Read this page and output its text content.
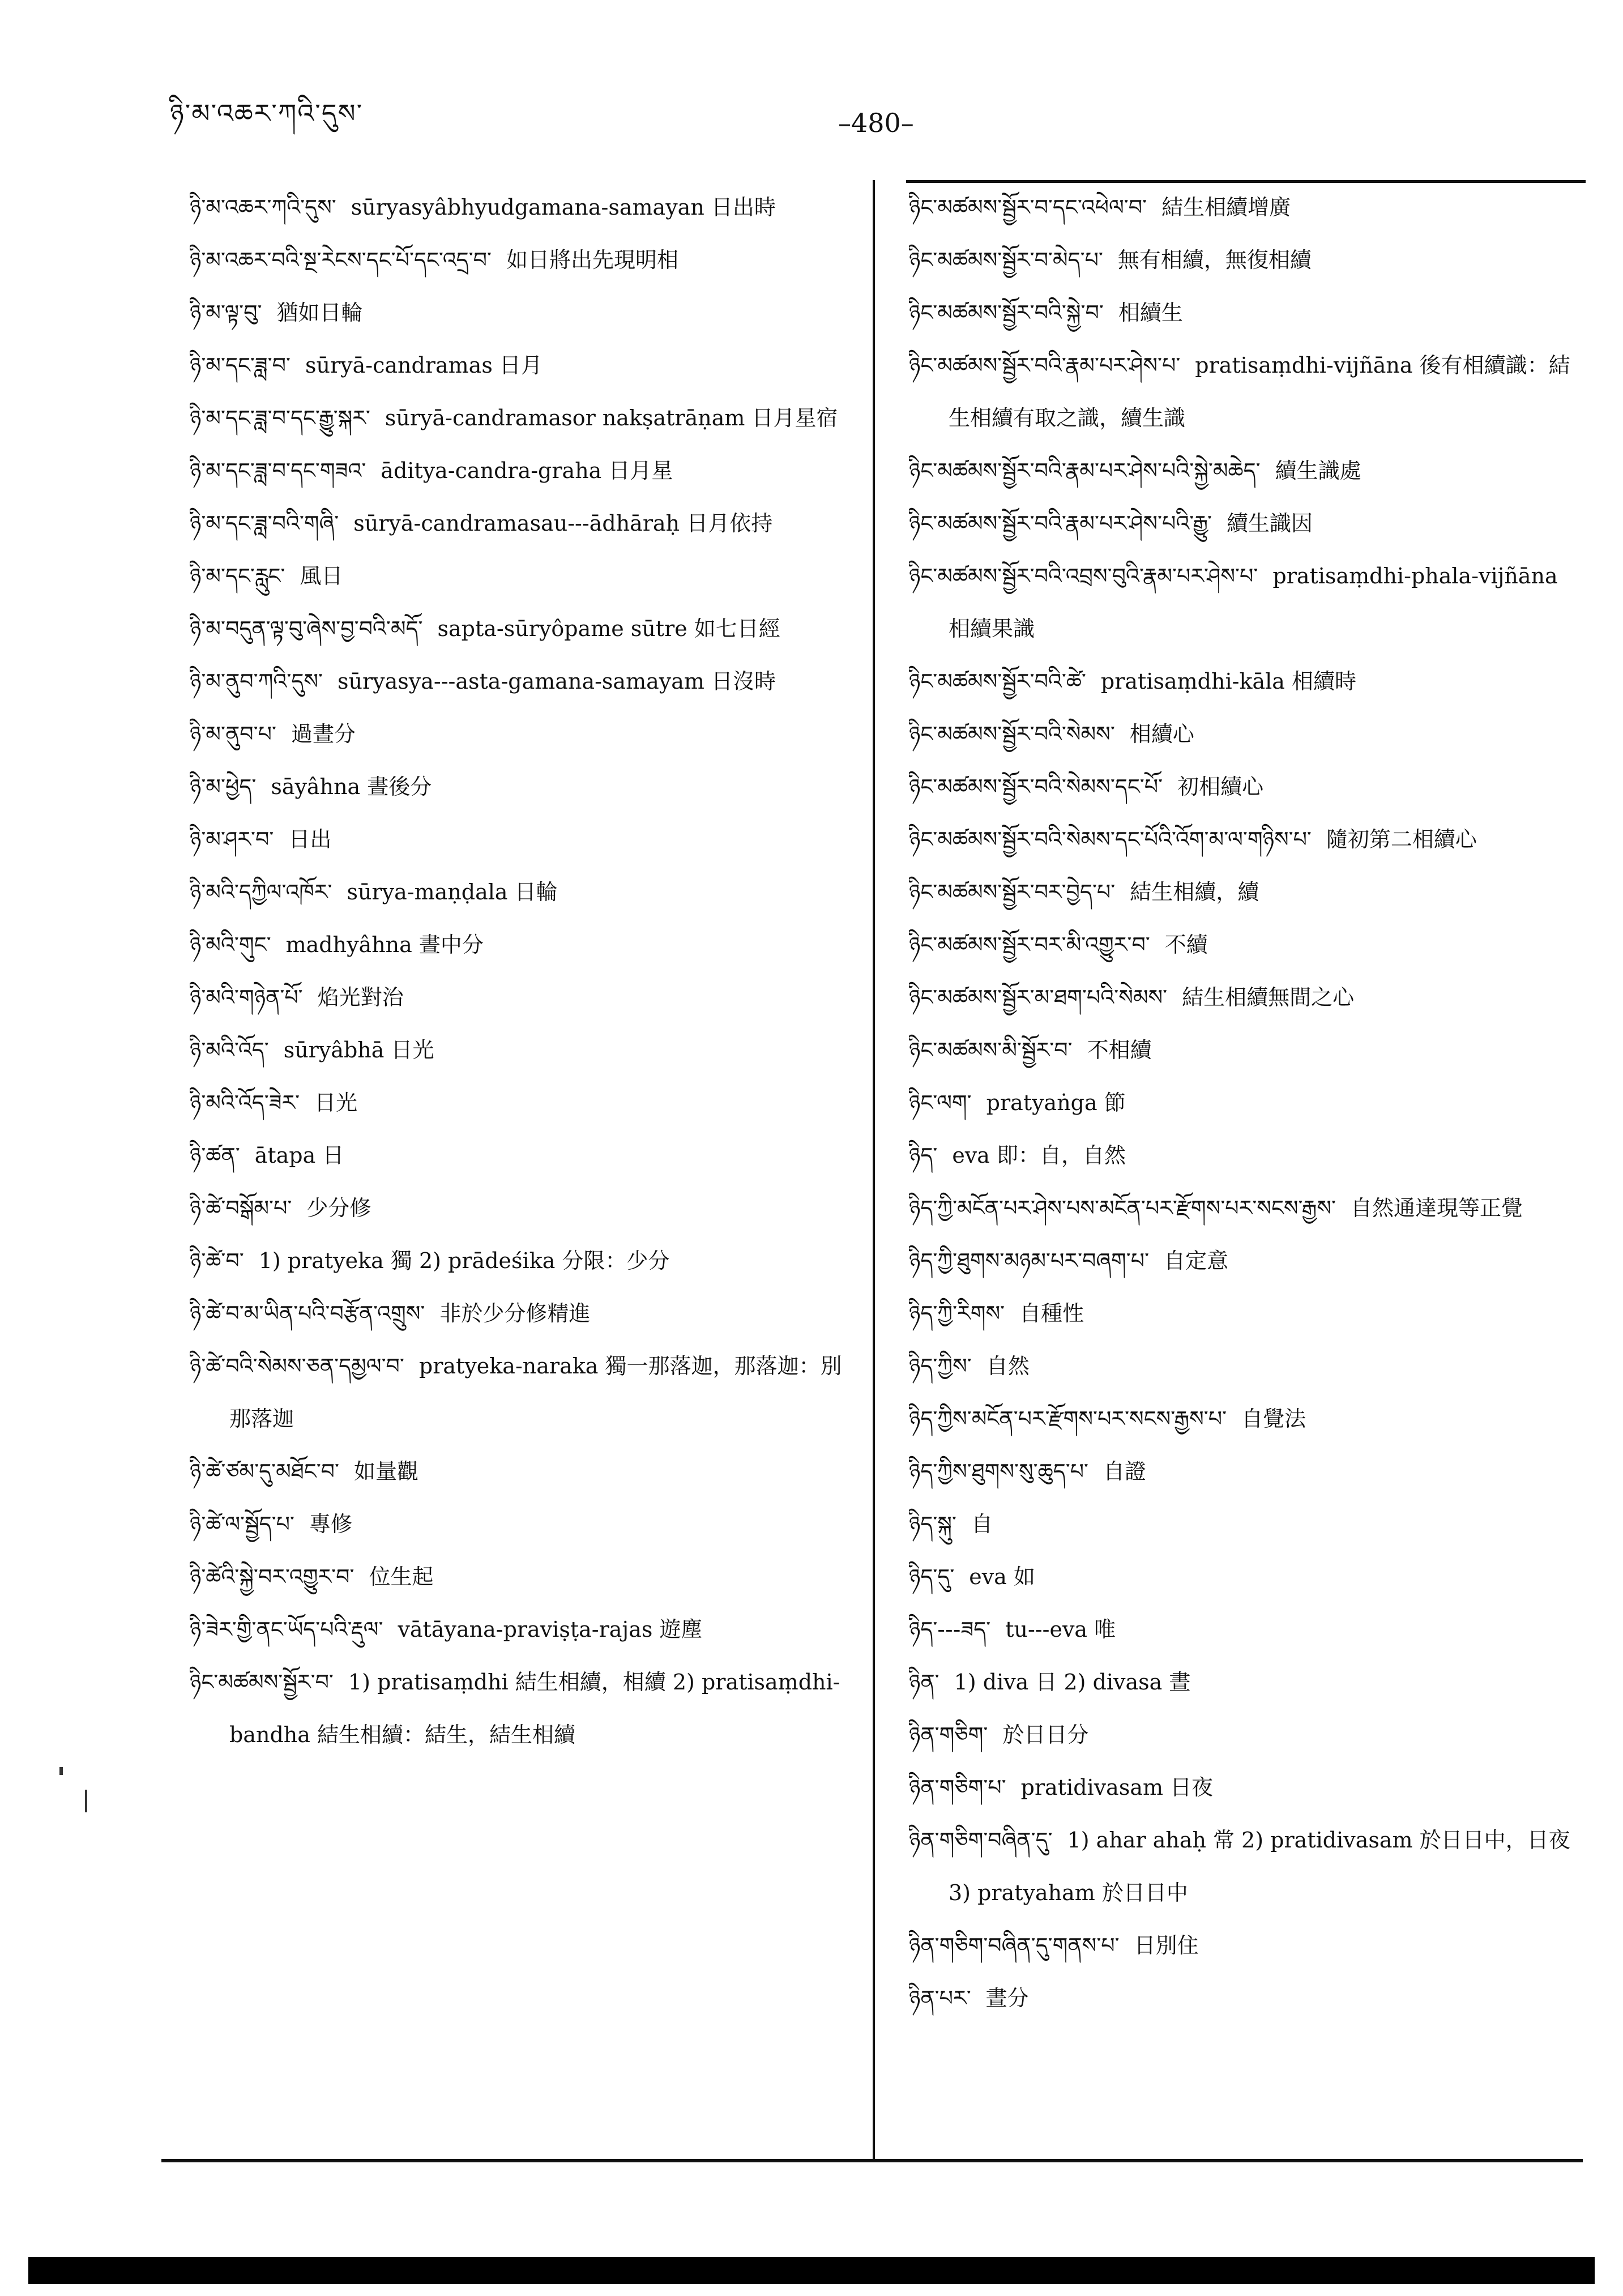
ཉི་མ་འཆར་ཀའི་དུས་	–480–

ཉི་མ་འཆར་ཀའི་དུས་ sūryasyâbhyudgamana-samayan 日出時

ཉི་མ་འཆར་བའི་སྔ་རེངས་དང་པོ་དང་འདྲ་བ་ 如日將出先現明相

ཉི་མ་ལྟ་བུ་ 猶如日輪

ཉི་མ་དང་ཟླ་བ་ sūryā-candramas 日月

ཉི་མ་དང་ཟླ་བ་དང་རྒྱུ་སྐར་ sūryā-candramasor nakṣatrāṇam 日月星宿

ཉི་མ་དང་ཟླ་བ་དང་གཟའ་ āditya-candra-graha 日月星

ཉི་མ་དང་ཟླ་བའི་གཞི་ sūryā-candramasau---ādhāraḥ 日月依持

ཉི་མ་དང་རླུང་ 風日

ཉི་མ་བདུན་ལྟ་བུ་ཞེས་བྱ་བའི་མདོ་ sapta-sūryôpame sūtre 如七日經

ཉི་མ་ནུབ་ཀའི་དུས་ sūryasya---asta-gamana-samayam 日沒時

ཉི་མ་ནུབ་པ་ 過晝分

ཉི་མ་ཕྱེད་ sāyâhna 晝後分

ཉི་མ་ཤར་བ་ 日出

ཉི་མའི་དཀྱིལ་འཁོར་ sūrya-maṇḍala 日輪

ཉི་མའི་གུང་ madhyâhna 晝中分

ཉི་མའི་གཉེན་པོ་ 焰光對治

ཉི་མའི་འོད་ sūryâbhā 日光

ཉི་མའི་འོད་ཟེར་ 日光

ཉི་ཚན་ ātapa 日

ཉི་ཚེ་བསྒོམ་པ་ 少分修

ཉི་ཚེ་བ་ 1) pratyeka 獨 2) prādeśika 分限：少分

ཉི་ཚེ་བ་མ་ཡིན་པའི་བརྩོན་འགྲུས་ 非於少分修精進

ཉི་ཚེ་བའི་སེམས་ཅན་དམྱལ་བ་ pratyeka-naraka 獨一那落迦，那落迦：別那落迦

ཉི་ཚེ་ཙམ་དུ་མཐོང་བ་ 如量觀

ཉི་ཚེ་ལ་སྦྱོད་པ་ 專修

ཉི་ཚེའི་སྐྱེ་བར་འགྱུར་བ་ 位生起

ཉི་ཟེར་གྱི་ནང་ཡོད་པའི་རྡུལ་ vātāyana-praviṣṭa-rajas 遊塵

ཉིང་མཚམས་སྦྱོར་བ་ 1) pratisaṃdhi 結生相續，相續 2) pratisaṃdhi-bandha 結生相續：結生，結生相續

ཉིང་མཚམས་སྦྱོར་བ་དང་འཕེལ་བ་ 結生相續增廣

ཉིང་མཚམས་སྦྱོར་བ་མེད་པ་ 無有相續，無復相續

ཉིང་མཚམས་སྦྱོར་བའི་སྐྱེ་བ་ 相續生

ཉིང་མཚམས་སྦྱོར་བའི་རྣམ་པར་ཤེས་པ་ pratisaṃdhi-vijñāna 後有相續識：結生相續有取之識，續生識

ཉིང་མཚམས་སྦྱོར་བའི་རྣམ་པར་ཤེས་པའི་སྐྱེ་མཆེད་ 續生識處

ཉིང་མཚམས་སྦྱོར་བའི་རྣམ་པར་ཤེས་པའི་རྒྱུ་ 續生識因

ཉིང་མཚམས་སྦྱོར་བའི་འབྲས་བུའི་རྣམ་པར་ཤེས་པ་ pratisaṃdhi-phala-vijñāna 相續果識

ཉིང་མཚམས་སྦྱོར་བའི་ཚེ་ pratisaṃdhi-kāla 相續時

ཉིང་མཚམས་སྦྱོར་བའི་སེམས་ 相續心

ཉིང་མཚམས་སྦྱོར་བའི་སེམས་དང་པོ་ 初相續心

ཉིང་མཚམས་སྦྱོར་བའི་སེམས་དང་པོའི་འོག་མ་ལ་གཉིས་པ་ 隨初第二相續心

ཉིང་མཚམས་སྦྱོར་བར་བྱེད་པ་ 結生相續，續

ཉིང་མཚམས་སྦྱོར་བར་མི་འགྱུར་བ་ 不續

ཉིང་མཚམས་སྦྱོར་མ་ཐག་པའི་སེམས་ 結生相續無間之心

ཉིང་མཚམས་མི་སྦྱོར་བ་ 不相續

ཉིང་ལག་ pratyaṅga 節

ཉིད་ eva 即：自，自然

ཉིད་ཀྱི་མངོན་པར་ཤེས་པས་མངོན་པར་རྫོགས་པར་སངས་རྒྱས་ 自然通達現等正覺

ཉིད་ཀྱི་ཐུགས་མཉམ་པར་བཞག་པ་ 自定意

ཉིད་ཀྱི་རིགས་ 自種性

ཉིད་ཀྱིས་ 自然

ཉིད་ཀྱིས་མངོན་པར་རྫོགས་པར་སངས་རྒྱས་པ་ 自覺法

ཉིད་ཀྱིས་ཐུགས་སུ་ཆུད་པ་ 自證

ཉིད་སྐུ་ 自

ཉིད་དུ་ eva 如

ཉིད་---ཟད་ tu---eva 唯

ཉིན་ 1) diva 日 2) divasa 晝

ཉིན་གཅིག་ 於日日分

ཉིན་གཅིག་པ་ pratidivasam 日夜

ཉིན་གཅིག་བཞིན་དུ་ 1) ahar ahaḥ 常 2) pratidivasam 於日日中，日夜 3) pratyaham 於日日中

ཉིན་གཅིག་བཞིན་དུ་གནས་པ་ 日別住

ཉིན་པར་ 晝分
